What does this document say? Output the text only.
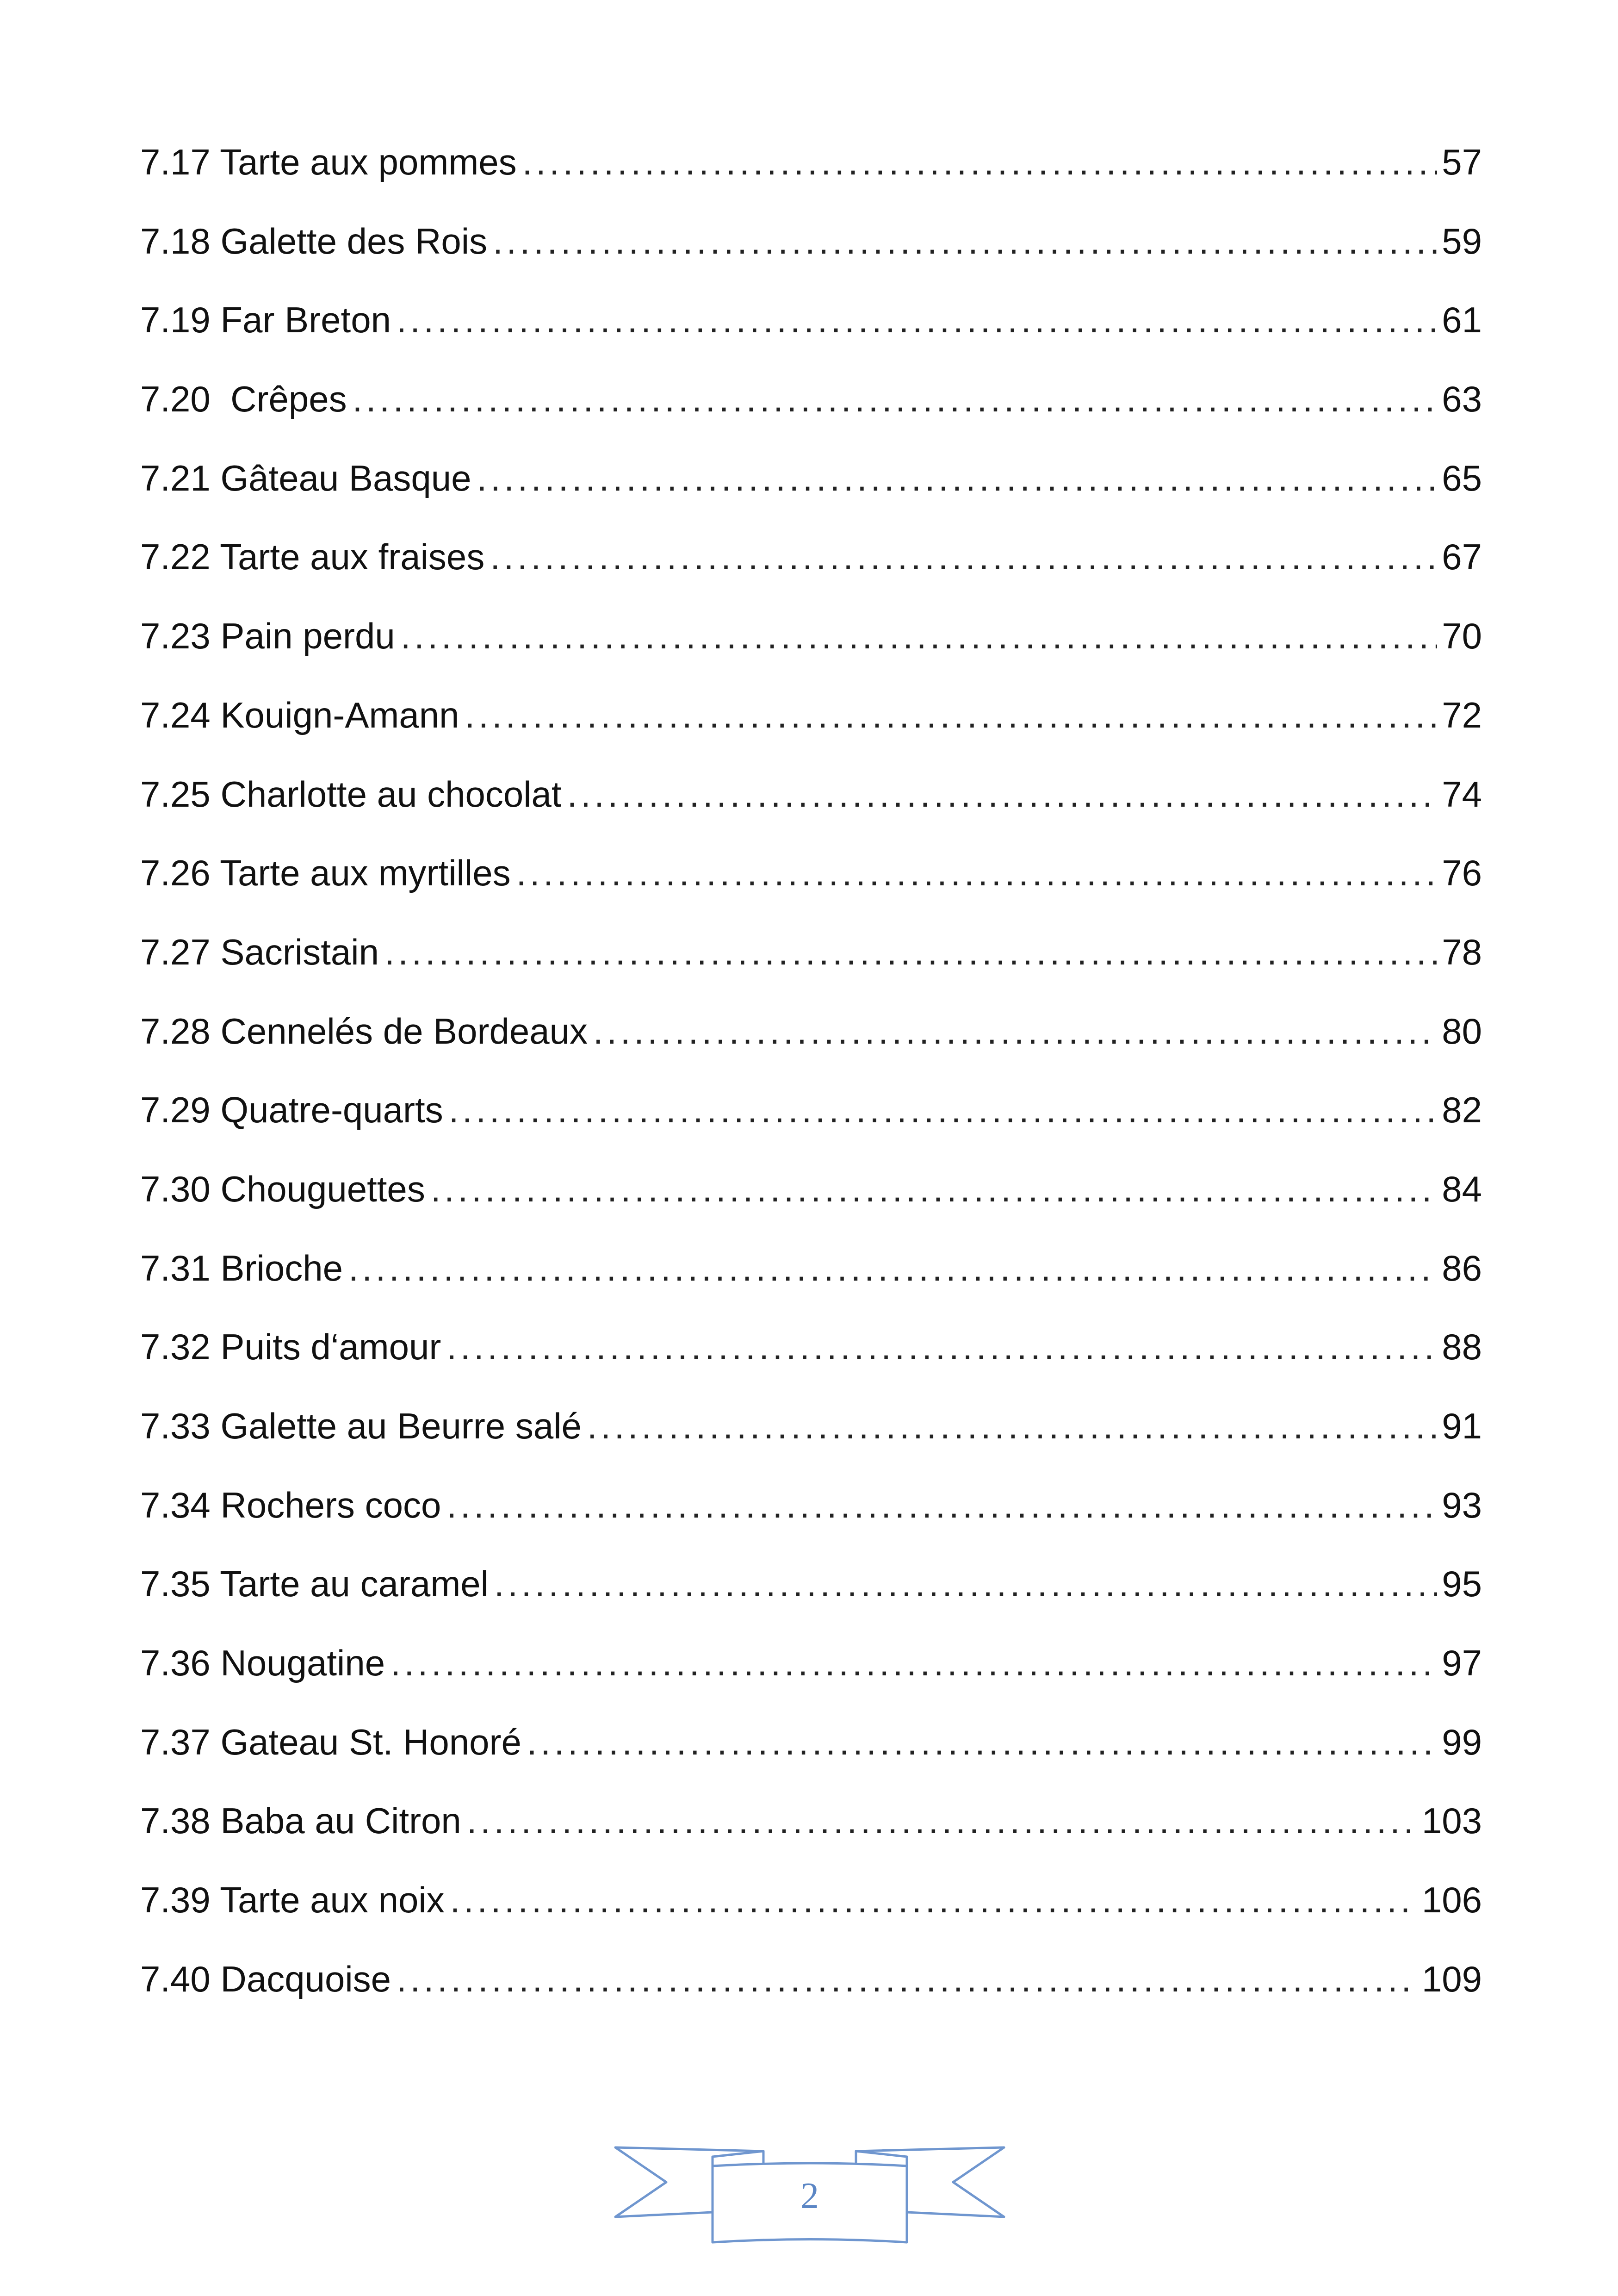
7.17 Tarte aux pommes . . .	57
7.18 Galette des Rois . . .	59
7.19 Far Breton . . .	61
7.20 Crêpes . . .	63
7.21 Gâteau Basque . . .	65
7.22 Tarte aux fraises . . .	67
7.23 Pain perdu . . .	70
7.24 Kouign-Amann . . .	72
7.25 Charlotte au chocolat . . .	74
7.26 Tarte aux myrtilles . . .	76
7.27 Sacristain . . .	78
7.28 Cennelés de Bordeaux . . .	80
7.29 Quatre-quarts . . .	82
7.30 Chouguettes . . .	84
7.31 Brioche . . .	86
7.32 Puits d‘amour . . .	88
7.33 Galette au Beurre salé . . .	91
7.34 Rochers coco . . .	93
7.35 Tarte au caramel . . .	95
7.36 Nougatine . . .	97
7.37 Gateau St. Honoré . . .	99
7.38 Baba au Citron . . .	103
7.39 Tarte aux noix . . .	106
7.40 Dacquoise . . .	109
2
